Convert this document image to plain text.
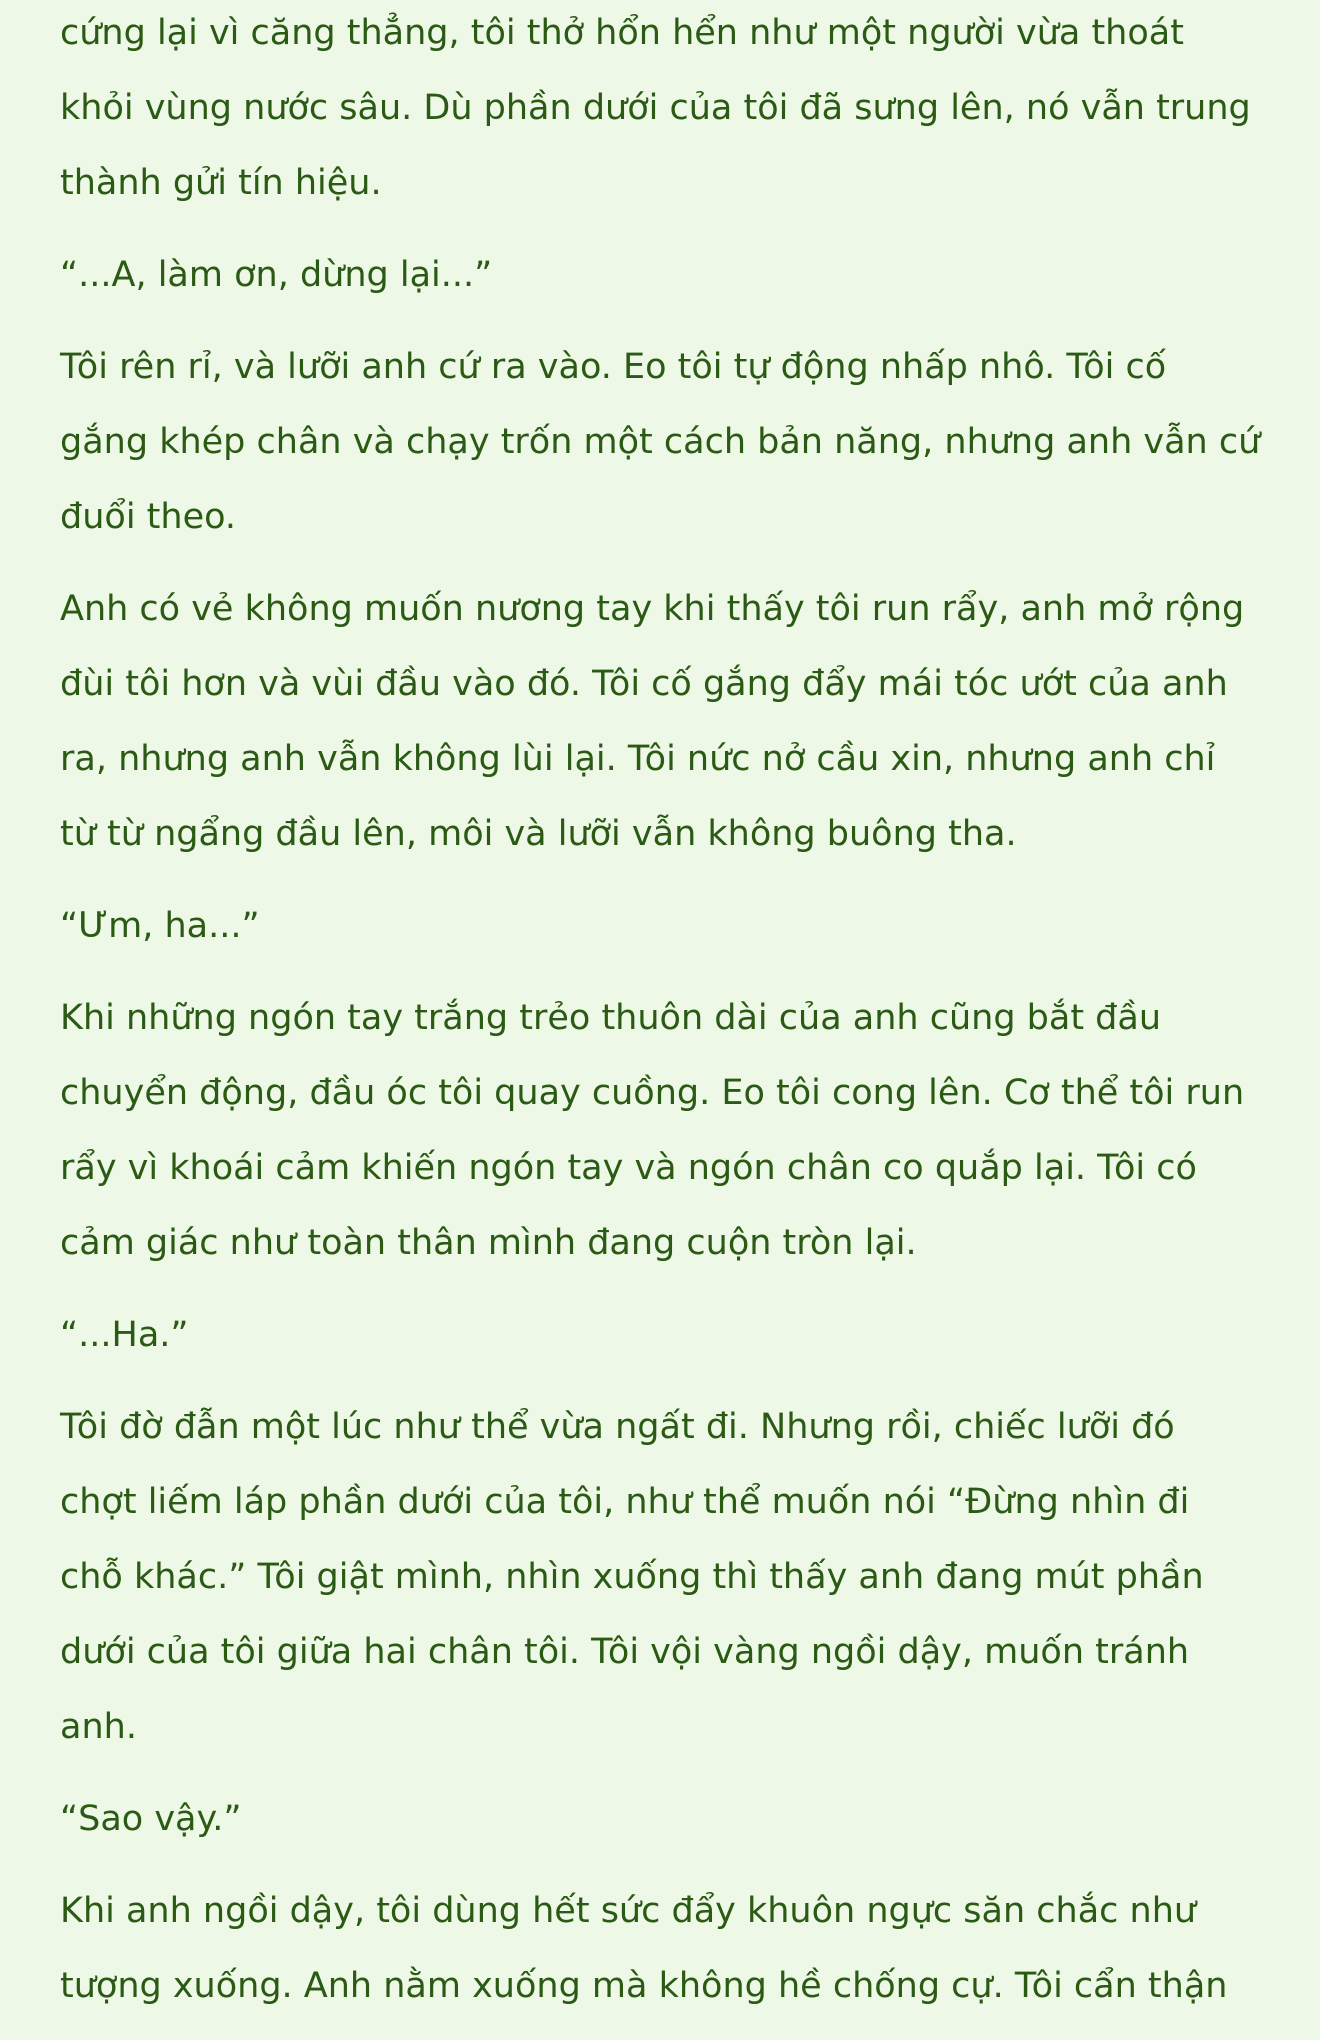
cứng lại vì căng thẳng, tôi thở hổn hển như một người vừa thoát
khỏi vùng nước sâu. Dù phần dưới của tôi đã sưng lên, nó vẫn trung
thành gửi tín hiệu.

“...A, làm ơn, dừng lại...”

Tôi rên rỉ, và lưỡi anh cứ ra vào. Eo tôi tự động nhấp nhô. Tôi cố
gắng khép chân và chạy trốn một cách bản năng, nhưng anh vẫn cứ
đuổi theo.

Anh có vẻ không muốn nương tay khi thấy tôi run rẩy, anh mở rộng
đùi tôi hơn và vùi đầu vào đó. Tôi cố gắng đẩy mái tóc ướt của anh
ra, nhưng anh vẫn không lùi lại. Tôi nức nở cầu xin, nhưng anh chỉ
từ từ ngẩng đầu lên, môi và lưỡi vẫn không buông tha.

“Ưm, ha...”

Khi những ngón tay trắng trẻo thuôn dài của anh cũng bắt đầu
chuyển động, đầu óc tôi quay cuồng. Eo tôi cong lên. Cơ thể tôi run
rẩy vì khoái cảm khiến ngón tay và ngón chân co quắp lại. Tôi có
cảm giác như toàn thân mình đang cuộn tròn lại.

“...Ha.”

Tôi đờ đẫn một lúc như thể vừa ngất đi. Nhưng rồi, chiếc lưỡi đó
chợt liếm láp phần dưới của tôi, như thể muốn nói “Đừng nhìn đi
chỗ khác.” Tôi giật mình, nhìn xuống thì thấy anh đang mút phần
dưới của tôi giữa hai chân tôi. Tôi vội vàng ngồi dậy, muốn tránh
anh.

“Sao vậy.”

Khi anh ngồi dậy, tôi dùng hết sức đẩy khuôn ngực săn chắc như
tượng xuống. Anh nằm xuống mà không hề chống cự. Tôi cẩn thận
